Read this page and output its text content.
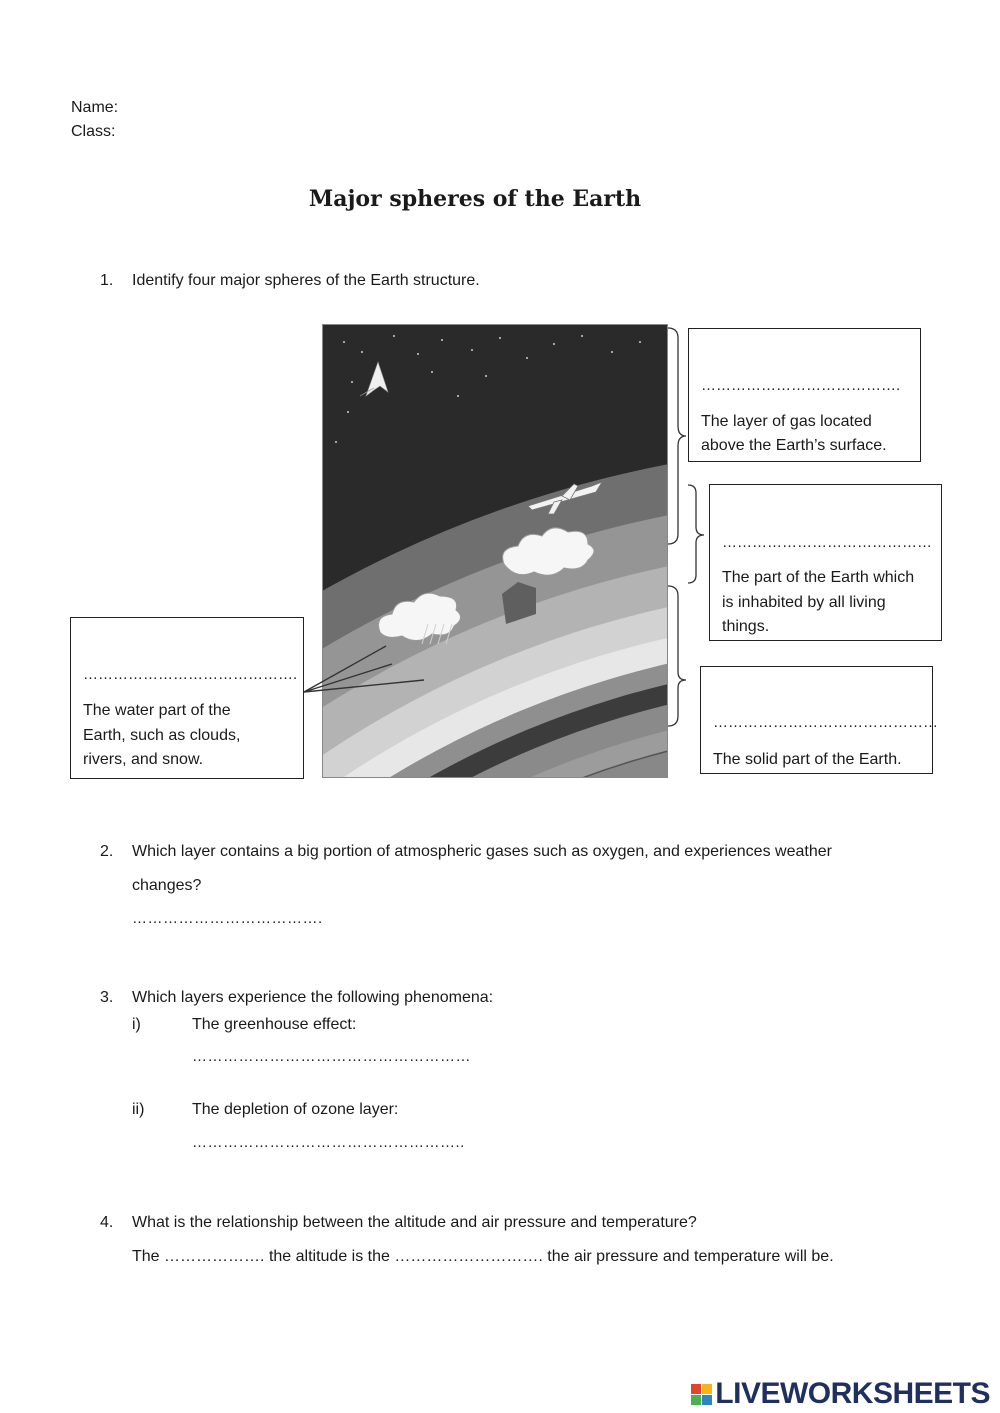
Name:
Class:
Major spheres of the Earth
1. Identify four major spheres of the Earth structure.
………………………………….
The layer of gas located
above the Earth’s surface.
……………………………………
The part of the Earth which
is inhabited by all living
things.
…………………………………….
The water part of the
Earth, such as clouds,
rivers, and snow.
………………………………………
The solid part of the Earth.
2. Which layer contains a big portion of atmospheric gases such as oxygen, and experiences weather
changes?
……………………………….
3. Which layers experience the following phenomena:
i)	The greenhouse effect:
………………………………………………
ii)	The depletion of ozone layer:
……………………………………………..
4. What is the relationship between the altitude and air pressure and temperature?
The ………………. the altitude is the ………………………. the air pressure and temperature will be.
LIVEWORKSHEETS
